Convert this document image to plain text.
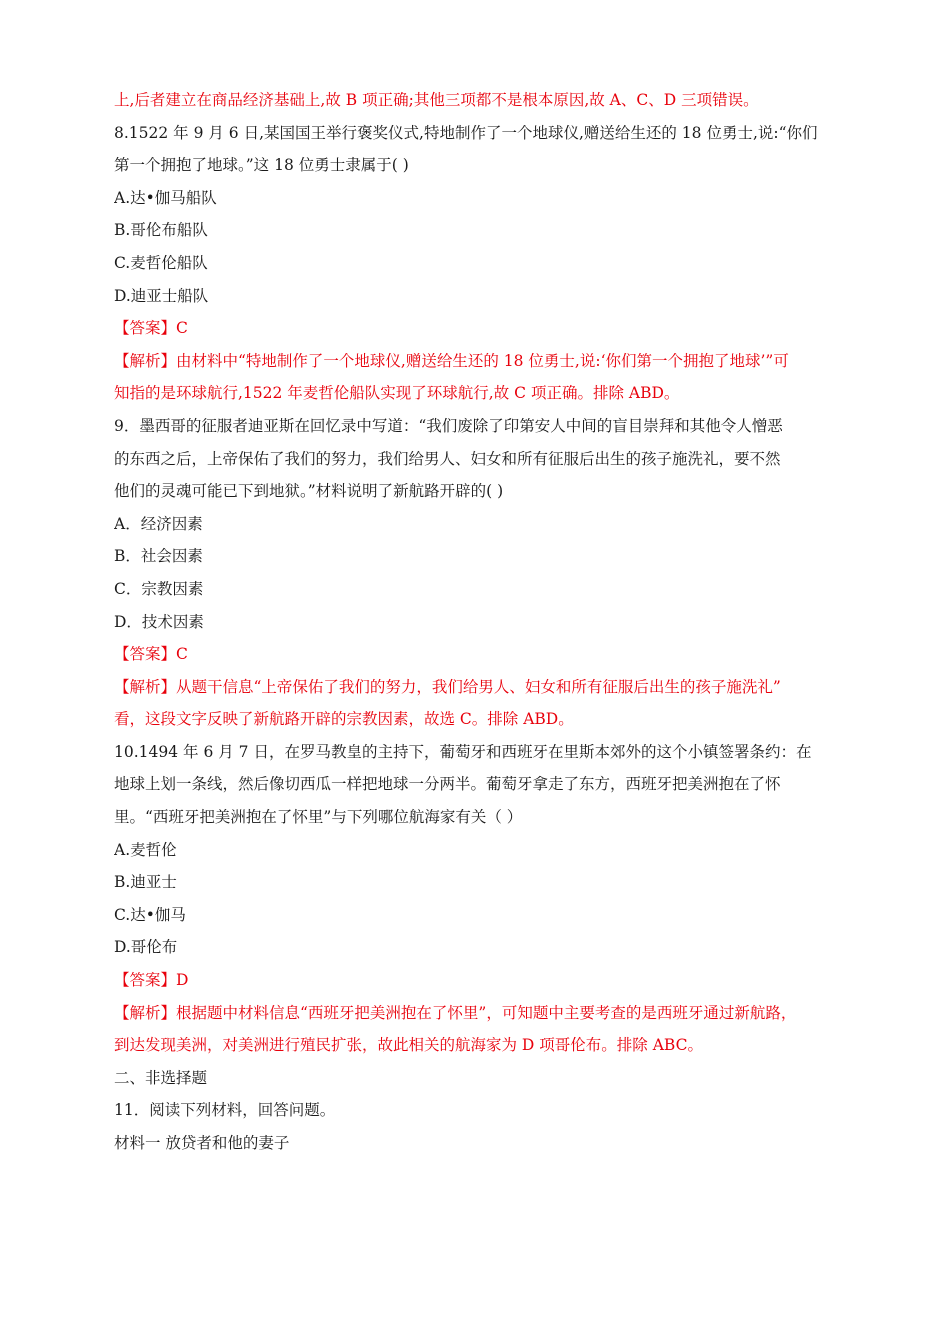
上,后者建立在商品经济基础上,故 B 项正确;其他三项都不是根本原因,故 A、C、D 三项错误。
8.1522 年 9 月 6 日,某国国王举行褒奖仪式,特地制作了一个地球仪,赠送给生还的 18 位勇士,说:“你们
第一个拥抱了地球。”这 18 位勇士隶属于( )
A.达•伽马船队
B.哥伦布船队
C.麦哲伦船队
D.迪亚士船队
【答案】C
【解析】由材料中“特地制作了一个地球仪,赠送给生还的 18 位勇士,说:‘你们第一个拥抱了地球’”可
知指的是环球航行,1522 年麦哲伦船队实现了环球航行,故 C 项正确。排除 ABD。
9．墨西哥的征服者迪亚斯在回忆录中写道：“我们废除了印第安人中间的盲目崇拜和其他令人憎恶
的东西之后，上帝保佑了我们的努力，我们给男人、妇女和所有征服后出生的孩子施洗礼，要不然
他们的灵魂可能已下到地狱。”材料说明了新航路开辟的( )
A．经济因素
B．社会因素
C．宗教因素
D．技术因素
【答案】C
【解析】从题干信息“上帝保佑了我们的努力，我们给男人、妇女和所有征服后出生的孩子施洗礼”
看，这段文字反映了新航路开辟的宗教因素，故选 C。排除 ABD。
10.1494 年 6 月 7 日，在罗马教皇的主持下，葡萄牙和西班牙在里斯本郊外的这个小镇签署条约：在
地球上划一条线，然后像切西瓜一样把地球一分两半。葡萄牙拿走了东方，西班牙把美洲抱在了怀
里。“西班牙把美洲抱在了怀里”与下列哪位航海家有关（ ）
A.麦哲伦
B.迪亚士
C.达•伽马
D.哥伦布
【答案】D
【解析】根据题中材料信息“西班牙把美洲抱在了怀里”，可知题中主要考查的是西班牙通过新航路，
到达发现美洲，对美洲进行殖民扩张，故此相关的航海家为 D 项哥伦布。排除 ABC。
二、非选择题
11．阅读下列材料，回答问题。
材料一 放贷者和他的妻子
